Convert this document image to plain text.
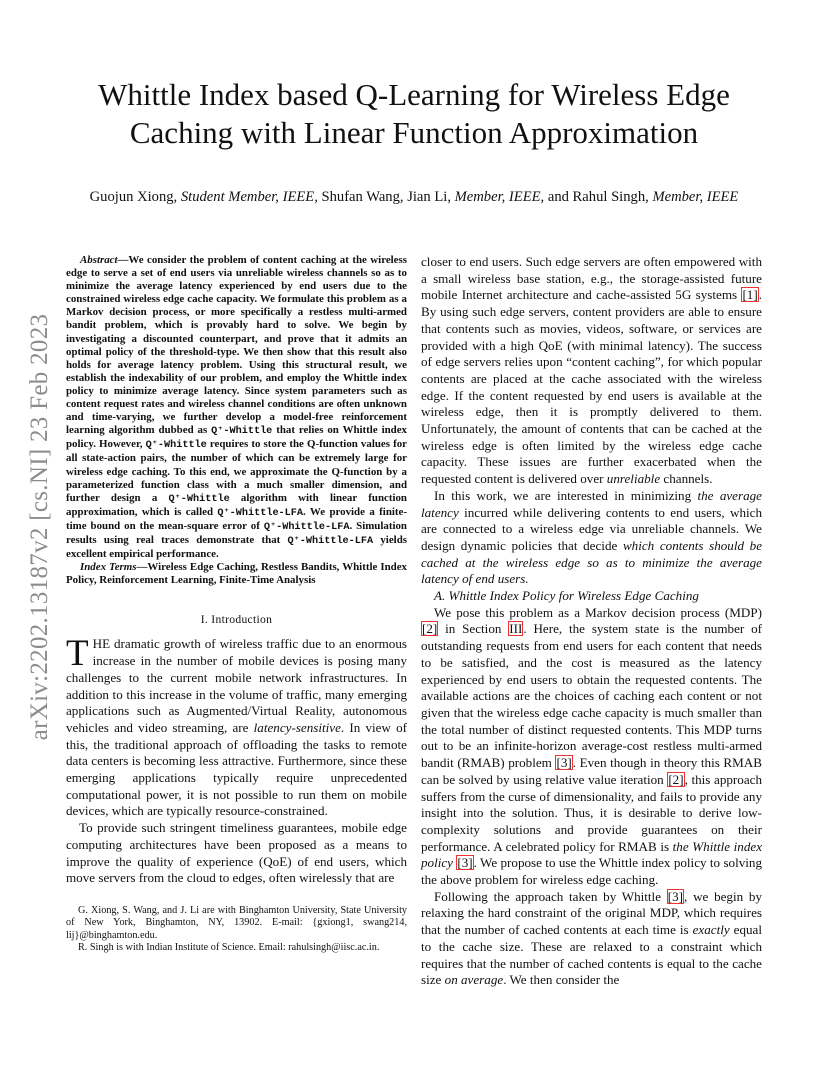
arXiv:2202.13187v2 [cs.NI] 23 Feb 2023
Whittle Index based Q-Learning for Wireless Edge
Caching with Linear Function Approximation
Guojun Xiong, Student Member, IEEE, Shufan Wang, Jian Li, Member, IEEE, and Rahul Singh, Member, IEEE

Abstract—We consider the problem of content caching at the wireless edge to serve a set of end users via unreliable wireless channels so as to minimize the average latency experienced by end users due to the constrained wireless edge cache capacity. We formulate this problem as a Markov decision process, or more specifically a restless multi-armed bandit problem, which is provably hard to solve. We begin by investigating a discounted counterpart, and prove that it admits an optimal policy of the threshold-type. We then show that this result also holds for average latency problem. Using this structural result, we establish the indexability of our problem, and employ the Whittle index policy to minimize average latency. Since system parameters such as content request rates and wireless channel conditions are often unknown and time-varying, we further develop a model-free reinforcement learning algorithm dubbed as Q⁺-Whittle that relies on Whittle index policy. However, Q⁺-Whittle requires to store the Q-function values for all state-action pairs, the number of which can be extremely large for wireless edge caching. To this end, we approximate the Q-function by a parameterized function class with a much smaller dimension, and further design a Q⁺-Whittle algorithm with linear function approximation, which is called Q⁺-Whittle-LFA. We provide a finite-time bound on the mean-square error of Q⁺-Whittle-LFA. Simulation results using real traces demonstrate that Q⁺-Whittle-LFA yields excellent empirical performance.

Index Terms—Wireless Edge Caching, Restless Bandits, Whittle Index Policy, Reinforcement Learning, Finite-Time Analysis

I. Introduction

THE dramatic growth of wireless traffic due to an enormous increase in the number of mobile devices is posing many challenges to the current mobile network infrastructures. In addition to this increase in the volume of traffic, many emerging applications such as Augmented/Virtual Reality, autonomous vehicles and video streaming, are latency-sensitive. In view of this, the traditional approach of offloading the tasks to remote data centers is becoming less attractive. Furthermore, since these emerging applications typically require unprecedented computational power, it is not possible to run them on mobile devices, which are typically resource-constrained.

To provide such stringent timeliness guarantees, mobile edge computing architectures have been proposed as a means to improve the quality of experience (QoE) of end users, which move servers from the cloud to edges, often wirelessly that are

G. Xiong, S. Wang, and J. Li are with Binghamton University, State University of New York, Binghamton, NY, 13902. E-mail: {gxiong1, swang214, lij}@binghamton.edu.

R. Singh is with Indian Institute of Science. Email: rahulsingh@iisc.ac.in.

closer to end users. Such edge servers are often empowered with a small wireless base station, e.g., the storage-assisted future mobile Internet architecture and cache-assisted 5G systems [1]. By using such edge servers, content providers are able to ensure that contents such as movies, videos, software, or services are provided with a high QoE (with minimal latency). The success of edge servers relies upon “content caching”, for which popular contents are placed at the cache associated with the wireless edge. If the content requested by end users is available at the wireless edge, then it is promptly delivered to them. Unfortunately, the amount of contents that can be cached at the wireless edge is often limited by the wireless edge cache capacity. These issues are further exacerbated when the requested content is delivered over unreliable channels.

In this work, we are interested in minimizing the average latency incurred while delivering contents to end users, which are connected to a wireless edge via unreliable channels. We design dynamic policies that decide which contents should be cached at the wireless edge so as to minimize the average latency of end users.

A. Whittle Index Policy for Wireless Edge Caching

We pose this problem as a Markov decision process (MDP) [2] in Section III. Here, the system state is the number of outstanding requests from end users for each content that needs to be satisfied, and the cost is measured as the latency experienced by end users to obtain the requested contents. The available actions are the choices of caching each content or not given that the wireless edge cache capacity is much smaller than the total number of distinct requested contents. This MDP turns out to be an infinite-horizon average-cost restless multi-armed bandit (RMAB) problem [3]. Even though in theory this RMAB can be solved by using relative value iteration [2], this approach suffers from the curse of dimensionality, and fails to provide any insight into the solution. Thus, it is desirable to derive low-complexity solutions and provide guarantees on their performance. A celebrated policy for RMAB is the Whittle index policy [3]. We propose to use the Whittle index policy to solving the above problem for wireless edge caching.

Following the approach taken by Whittle [3], we begin by relaxing the hard constraint of the original MDP, which requires that the number of cached contents at each time is exactly equal to the cache size. These are relaxed to a constraint which requires that the number of cached contents is equal to the cache size on average. We then consider the
